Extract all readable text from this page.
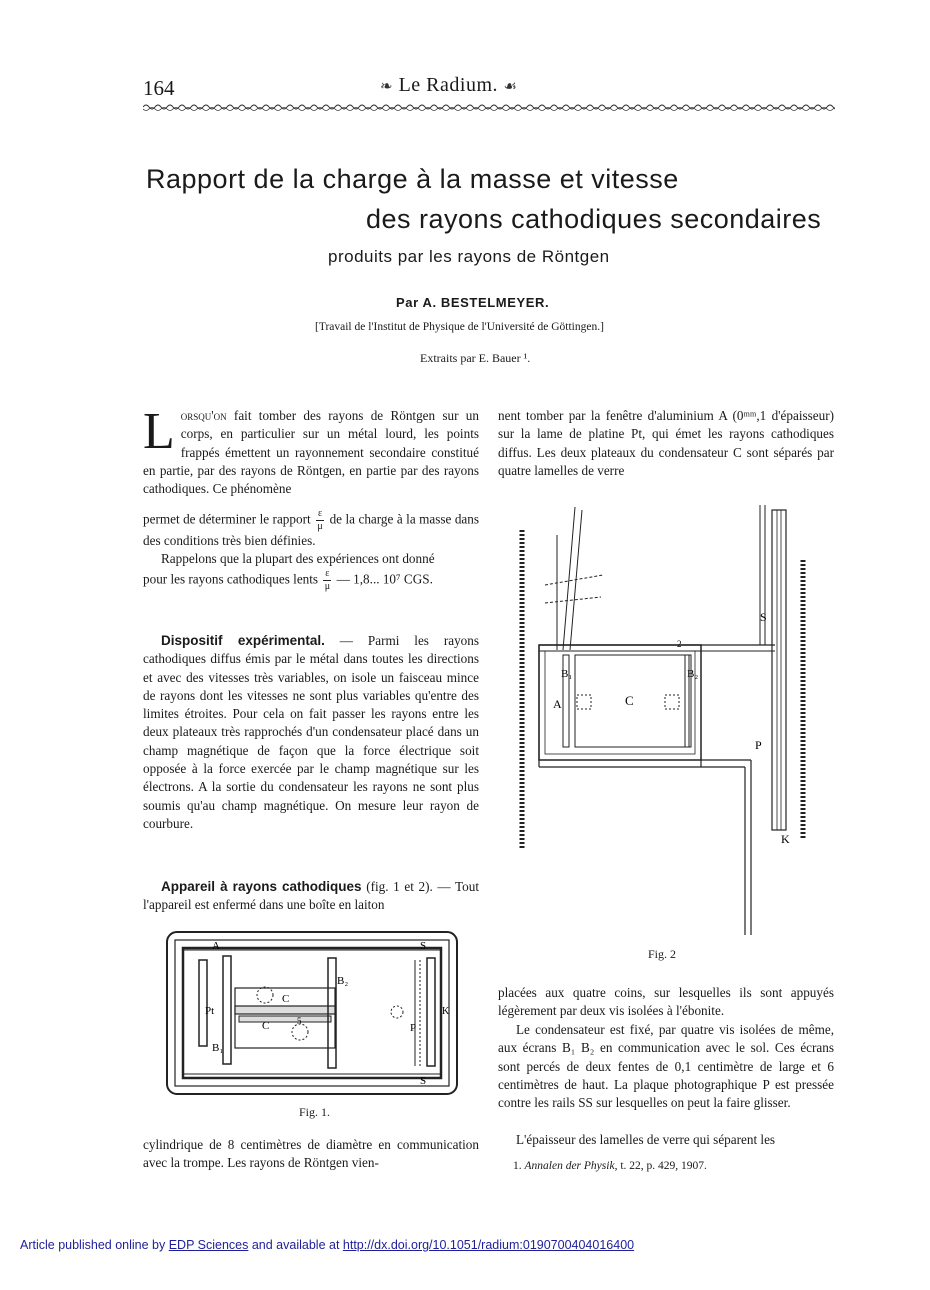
164	❧ Le Radium. ☙
Rapport de la charge à la masse et vitesse
des rayons cathodiques secondaires
produits par les rayons de Röntgen
Par A. BESTELMEYER.
[Travail de l'Institut de Physique de l'Université de Göttingen.]
Extraits par E. Bauer ¹.

Lorsqu'on fait tomber des rayons de Röntgen sur un corps, en particulier sur un métal lourd, les points frappés émettent un rayonnement secondaire constitué en partie, par des rayons de Röntgen, en partie par des rayons cathodiques. Ce phénomène

permet de déterminer le rapport $\frac{\varepsilon}{\mu}$ de la charge à la masse dans des conditions très bien définies.

Rappelons que la plupart des expériences ont donné

pour les rayons cathodiques lents $\frac{\varepsilon}{\mu}$ — 1,8... 10⁷ CGS.

Dispositif expérimental. — Parmi les rayons cathodiques diffus émis par le métal dans toutes les directions et avec des vitesses très variables, on isole un faisceau mince de rayons dont les vitesses ne sont plus variables qu'entre des limites étroites. Pour cela on fait passer les rayons entre les deux plateaux très rapprochés d'un condensateur placé dans un champ magnétique de façon que la force électrique soit opposée à la force exercée par le champ magnétique sur les électrons. A la sortie du condensateur les rayons ne sont plus soumis qu'au champ magnétique. On mesure leur rayon de courbure.

Appareil à rayons cathodiques (fig. 1 et 2). — Tout l'appareil est enfermé dans une boîte en laiton

A	S
S
B₂
Pt
B₁
C
C	5
P
K
Fig. 1.
cylindrique de 8 centimètres de diamètre en communication avec la trompe. Les rayons de Röntgen vien-
nent tomber par la fenêtre d'aluminium A (0ᵐᵐ,1 d'épaisseur) sur la lame de platine Pt, qui émet les rayons cathodiques diffus. Les deux plateaux du condensateur C sont séparés par quatre lamelles de verre
S
B₂
B₁
A	C
P
K
2
Fig. 2
placées aux quatre coins, sur lesquelles ils sont appuyés légèrement par deux vis isolées à l'ébonite.
Le condensateur est fixé, par quatre vis isolées de même, aux écrans B₁ B₂ en communication avec le sol. Ces écrans sont percés de deux fentes de 0,1 centimètre de large et 6 centimètres de haut. La plaque photographique P est pressée contre les rails SS sur lesquelles on peut la faire glisser.
L'épaisseur des lamelles de verre qui séparent les
1. Annalen der Physik, t. 22, p. 429, 1907.
Article published online by EDP Sciences and available at http://dx.doi.org/10.1051/radium:0190700404016400
